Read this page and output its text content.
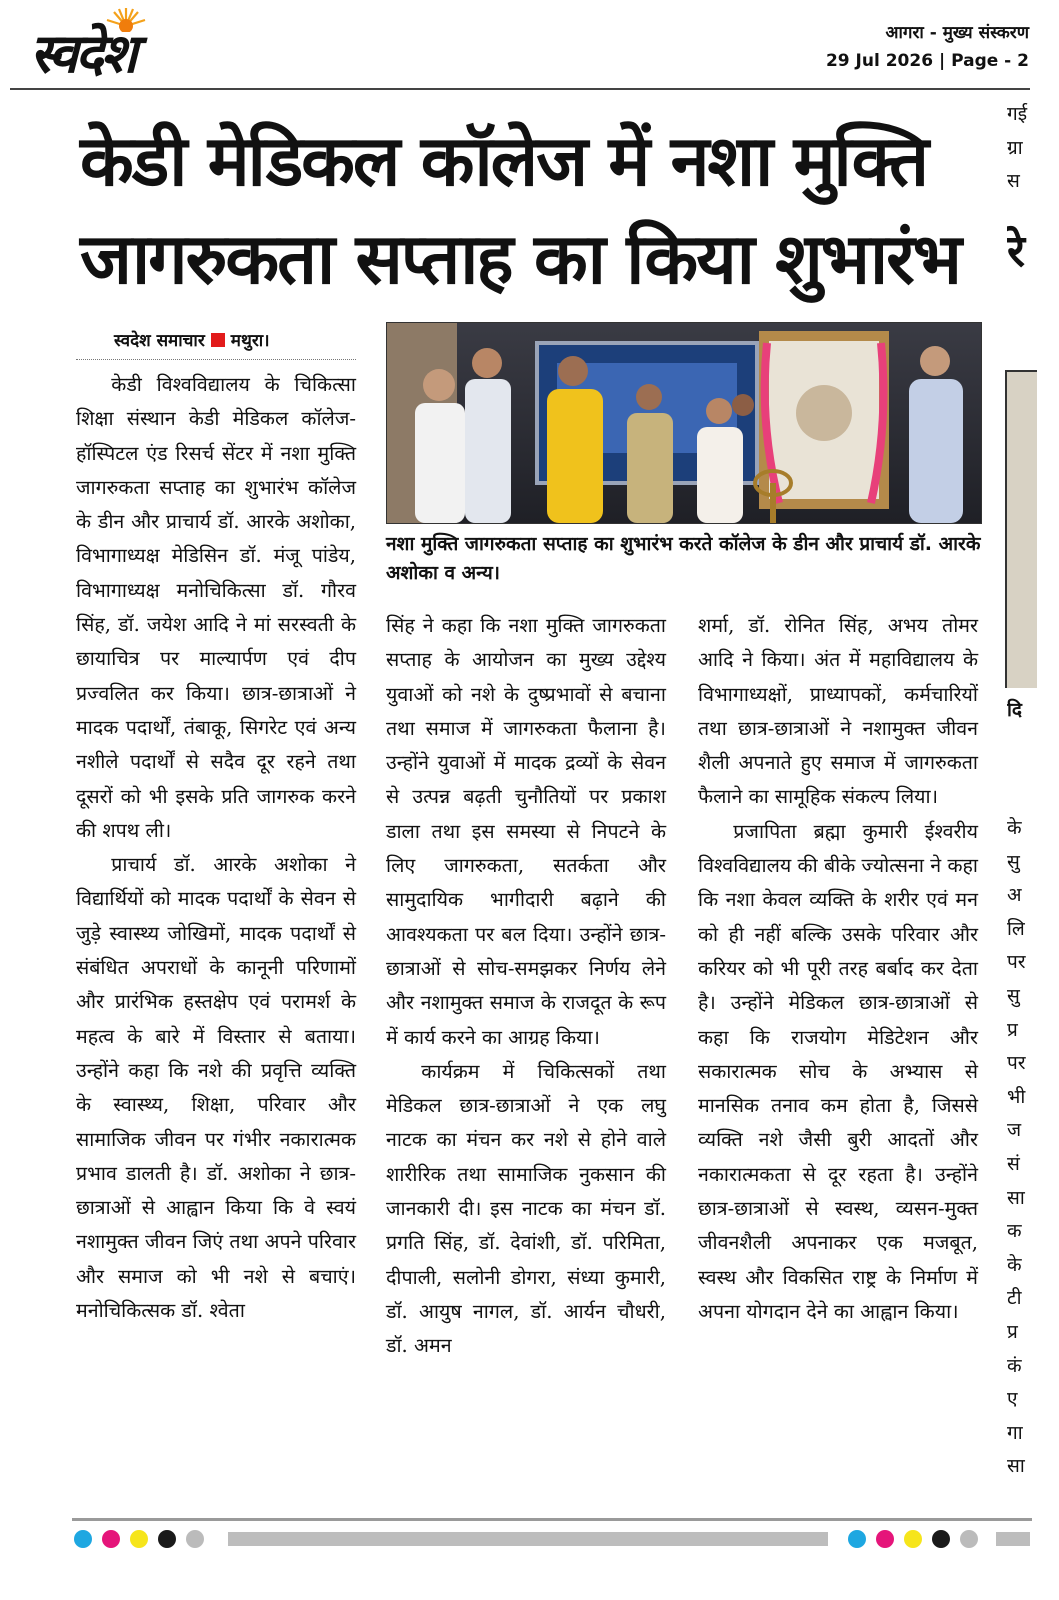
स्वदेश	आगरा - मुख्य संस्करण
29 Jul 2026 | Page - 2
केडी मेडिकल कॉलेज में नशा मुक्ति
जागरुकता सप्ताह का किया शुभारंभ
स्वदेश समाचार मथुरा।
नशा मुक्ति जागरुकता सप्ताह का शुभारंभ करते कॉलेज के डीन और प्राचार्य डॉ. आरके अशोका व अन्य।

केडी विश्वविद्यालय के चिकित्सा शिक्षा संस्थान केडी मेडिकल कॉलेज-हॉस्पिटल एंड रिसर्च सेंटर में नशा मुक्ति जागरुकता सप्ताह का शुभारंभ कॉलेज के डीन और प्राचार्य डॉ. आरके अशोका, विभागाध्यक्ष मेडिसिन डॉ. मंजू पांडेय, विभागाध्यक्ष मनोचिकित्सा डॉ. गौरव सिंह, डॉ. जयेश आदि ने मां सरस्वती के छायाचित्र पर माल्यार्पण एवं दीप प्रज्वलित कर किया। छात्र-छात्राओं ने मादक पदार्थों, तंबाकू, सिगरेट एवं अन्य नशीले पदार्थों से सदैव दूर रहने तथा दूसरों को भी इसके प्रति जागरुक करने की शपथ ली।

प्राचार्य डॉ. आरके अशोका ने विद्यार्थियों को मादक पदार्थों के सेवन से जुड़े स्वास्थ्य जोखिमों, मादक पदार्थों से संबंधित अपराधों के कानूनी परिणामों और प्रारंभिक हस्तक्षेप एवं परामर्श के महत्व के बारे में विस्तार से बताया। उन्होंने कहा कि नशे की प्रवृत्ति व्यक्ति के स्वास्थ्य, शिक्षा, परिवार और सामाजिक जीवन पर गंभीर नकारात्मक प्रभाव डालती है। डॉ. अशोका ने छात्र-छात्राओं से आह्वान किया कि वे स्वयं नशामुक्त जीवन जिएं तथा अपने परिवार और समाज को भी नशे से बचाएं। मनोचिकित्सक डॉ. श्वेता

सिंह ने कहा कि नशा मुक्ति जागरुकता सप्ताह के आयोजन का मुख्य उद्देश्य युवाओं को नशे के दुष्प्रभावों से बचाना तथा समाज में जागरुकता फैलाना है। उन्होंने युवाओं में मादक द्रव्यों के सेवन से उत्पन्न बढ़ती चुनौतियों पर प्रकाश डाला तथा इस समस्या से निपटने के लिए जागरुकता, सतर्कता और सामुदायिक भागीदारी बढ़ाने की आवश्यकता पर बल दिया। उन्होंने छात्र-छात्राओं से सोच-समझकर निर्णय लेने और नशामुक्त समाज के राजदूत के रूप में कार्य करने का आग्रह किया।

कार्यक्रम में चिकित्सकों तथा मेडिकल छात्र-छात्राओं ने एक लघु नाटक का मंचन कर नशे से होने वाले शारीरिक तथा सामाजिक नुकसान की जानकारी दी। इस नाटक का मंचन डॉ. प्रगति सिंह, डॉ. देवांशी, डॉ. परिमिता, दीपाली, सलोनी डोगरा, संध्या कुमारी, डॉ. आयुष नागल, डॉ. आर्यन चौधरी, डॉ. अमन

शर्मा, डॉ. रोनित सिंह, अभय तोमर आदि ने किया। अंत में महाविद्यालय के विभागाध्यक्षों, प्राध्यापकों, कर्मचारियों तथा छात्र-छात्राओं ने नशामुक्त जीवन शैली अपनाते हुए समाज में जागरुकता फैलाने का सामूहिक संकल्प लिया।

प्रजापिता ब्रह्मा कुमारी ईश्वरीय विश्वविद्यालय की बीके ज्योत्सना ने कहा कि नशा केवल व्यक्ति के शरीर एवं मन को ही नहीं बल्कि उसके परिवार और करियर को भी पूरी तरह बर्बाद कर देता है। उन्होंने मेडिकल छात्र-छात्राओं से कहा कि राजयोग मेडिटेशन और सकारात्मक सोच के अभ्यास से मानसिक तनाव कम होता है, जिससे व्यक्ति नशे जैसी बुरी आदतों और नकारात्मकता से दूर रहता है। उन्होंने छात्र-छात्राओं से स्वस्थ, व्यसन-मुक्त जीवनशैली अपनाकर एक मजबूत, स्वस्थ और विकसित राष्ट्र के निर्माण में अपना योगदान देने का आह्वान किया।

गई
ग्रा
स
रे
दि
के
सु
अ
लि
पर
सु
प्र
पर
भी
ज
सं
सा
क
के
टी
प्र
कं
ए
गा
सा
